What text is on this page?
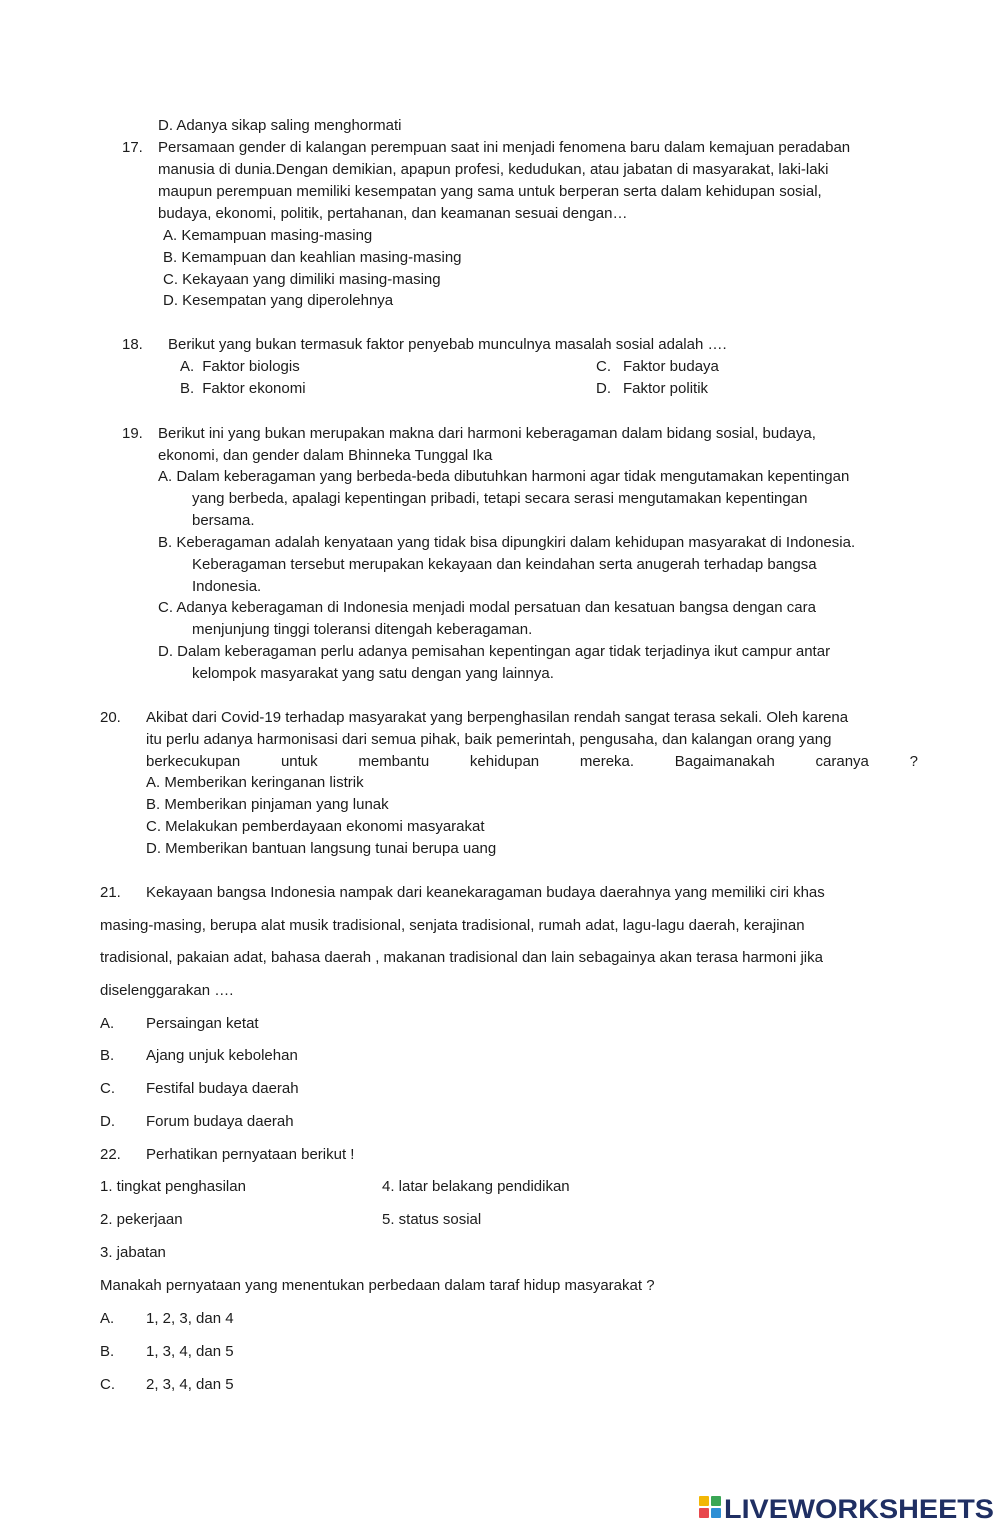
D. Adanya sikap saling menghormati
17. Persamaan gender di kalangan perempuan saat ini menjadi fenomena baru dalam kemajuan peradaban
manusia di dunia.Dengan demikian, apapun profesi, kedudukan, atau jabatan di masyarakat, laki-laki
maupun perempuan memiliki kesempatan yang sama untuk berperan serta dalam kehidupan sosial,
budaya, ekonomi, politik, pertahanan, dan keamanan sesuai dengan…
A. Kemampuan masing-masing
B. Kemampuan dan keahlian masing-masing
C. Kekayaan yang dimiliki masing-masing
D. Kesempatan yang diperolehnya
18. Berikut yang bukan termasuk faktor penyebab munculnya masalah sosial adalah ….
A. Faktor biologis
B. Faktor ekonomi
C. Faktor budaya
D. Faktor politik
19. Berikut ini yang bukan merupakan makna dari harmoni keberagaman dalam bidang sosial, budaya,
ekonomi, dan gender dalam Bhinneka Tunggal Ika
A. Dalam keberagaman yang berbeda-beda dibutuhkan harmoni agar tidak mengutamakan kepentingan
yang berbeda, apalagi kepentingan pribadi, tetapi secara serasi mengutamakan kepentingan
bersama.
B. Keberagaman adalah kenyataan yang tidak bisa dipungkiri dalam kehidupan masyarakat di Indonesia.
Keberagaman tersebut merupakan kekayaan dan keindahan serta anugerah terhadap bangsa
Indonesia.
C. Adanya keberagaman di Indonesia menjadi modal persatuan dan kesatuan bangsa dengan cara
menjunjung tinggi toleransi ditengah keberagaman.
D. Dalam keberagaman perlu adanya pemisahan kepentingan agar tidak terjadinya ikut campur antar
kelompok masyarakat yang satu dengan yang lainnya.
20. Akibat dari Covid-19 terhadap masyarakat yang berpenghasilan rendah sangat terasa sekali. Oleh karena
itu perlu adanya harmonisasi dari semua pihak, baik pemerintah, pengusaha, dan kalangan orang yang
berkecukupan	untuk	membantu	kehidupan	mereka.	Bagaimanakah	caranya	?
A. Memberikan keringanan listrik
B. Memberikan pinjaman yang lunak
C. Melakukan pemberdayaan ekonomi masyarakat
D. Memberikan bantuan langsung tunai berupa uang
21. Kekayaan bangsa Indonesia nampak dari keanekaragaman budaya daerahnya yang memiliki ciri khas
masing-masing, berupa alat musik tradisional, senjata tradisional, rumah adat, lagu-lagu daerah, kerajinan
tradisional, pakaian adat, bahasa daerah , makanan tradisional dan lain sebagainya akan terasa harmoni jika
diselenggarakan ….
A. Persaingan ketat
B. Ajang unjuk kebolehan
C. Festifal budaya daerah
D. Forum budaya daerah
22. Perhatikan pernyataan berikut !
1. tingkat penghasilan	4. latar belakang pendidikan
2. pekerjaan	5. status sosial
3. jabatan
Manakah pernyataan yang menentukan perbedaan dalam taraf hidup masyarakat ?
A. 1, 2, 3, dan 4
B. 1, 3, 4, dan 5
C. 2, 3, 4, dan 5
LIVEWORKSHEETS
